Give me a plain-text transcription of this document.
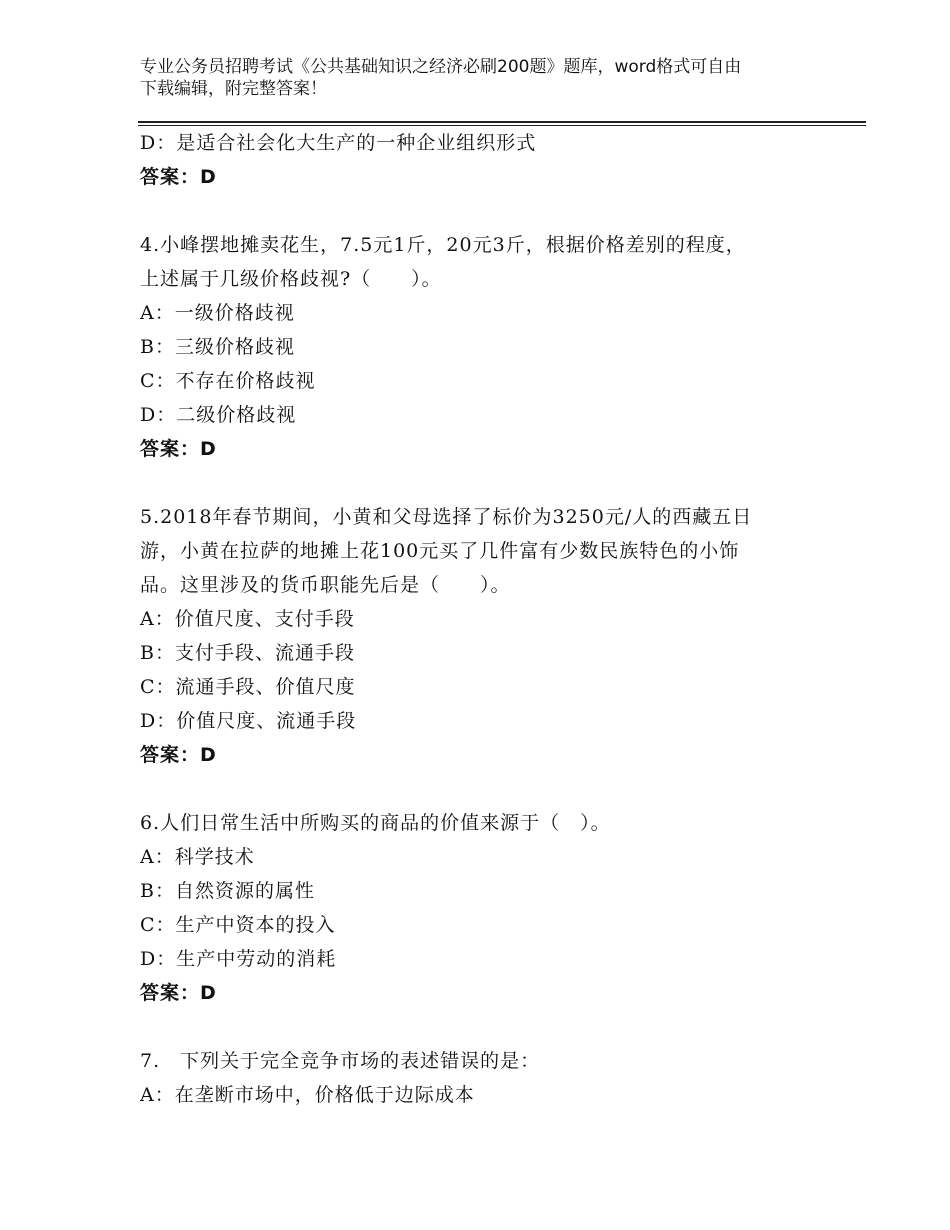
专业公务员招聘考试《公共基础知识之经济必刷200题》题库，word格式可自由
下载编辑，附完整答案！
D：是适合社会化大生产的一种企业组织形式
答案：D
4.小峰摆地摊卖花生，7.5元1斤，20元3斤，根据价格差别的程度，
上述属于几级价格歧视?（　　）。
A：一级价格歧视
B：三级价格歧视
C：不存在价格歧视
D：二级价格歧视
答案：D
5.2018年春节期间，小黄和父母选择了标价为3250元/人的西藏五日
游，小黄在拉萨的地摊上花100元买了几件富有少数民族特色的小饰
品。这里涉及的货币职能先后是（　　）。
A：价值尺度、支付手段
B：支付手段、流通手段
C：流通手段、价值尺度
D：价值尺度、流通手段
答案：D
6.人们日常生活中所购买的商品的价值来源于（　）。
A：科学技术
B：自然资源的属性
C：生产中资本的投入
D：生产中劳动的消耗
答案：D
7.　下列关于完全竞争市场的表述错误的是：
A：在垄断市场中，价格低于边际成本
